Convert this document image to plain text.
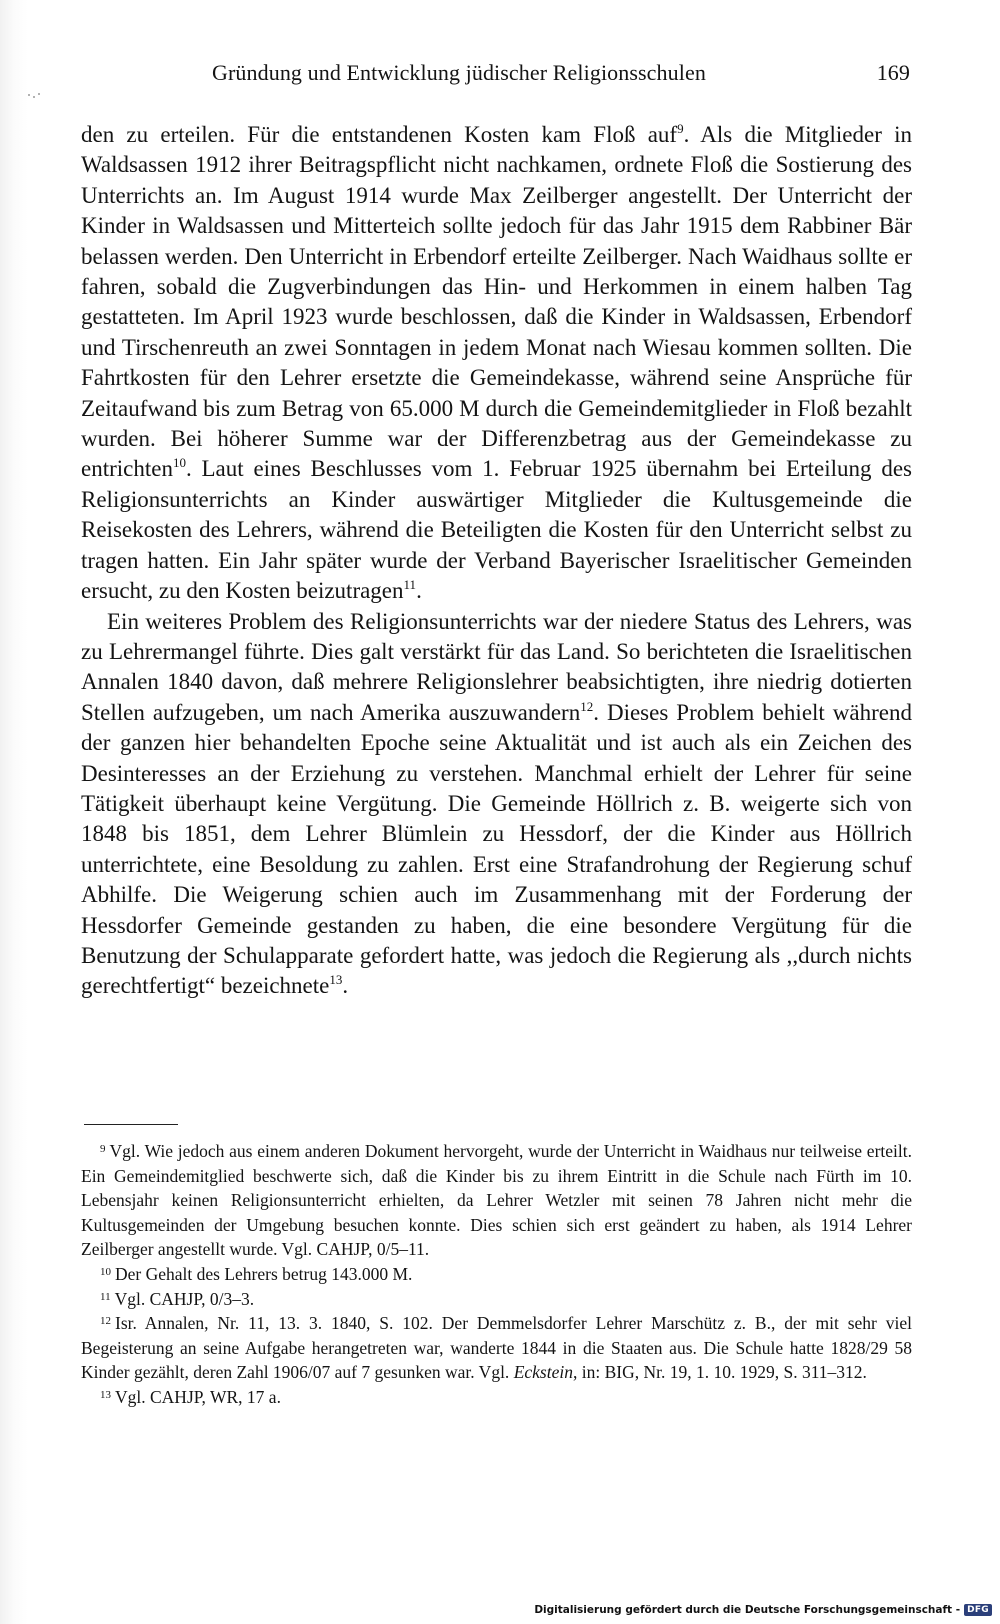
Gründung und Entwicklung jüdischer Religionsschulen	169

den zu erteilen. Für die entstandenen Kosten kam Floß auf$^9$. Als die Mitglieder in Waldsassen 1912 ihrer Beitragspflicht nicht nachkamen, ordnete Floß die Sostierung des Unterrichts an. Im August 1914 wurde Max Zeilberger angestellt. Der Unterricht der Kinder in Waldsassen und Mitterteich sollte jedoch für das Jahr 1915 dem Rabbiner Bär belassen werden. Den Unterricht in Erbendorf erteilte Zeilberger. Nach Waidhaus sollte er fahren, sobald die Zugverbindungen das Hin- und Herkommen in einem halben Tag gestatteten. Im April 1923 wurde beschlossen, daß die Kinder in Waldsassen, Erbendorf und Tirschenreuth an zwei Sonntagen in jedem Monat nach Wiesau kommen sollten. Die Fahrtkosten für den Lehrer ersetzte die Gemeindekasse, während seine Ansprüche für Zeitaufwand bis zum Betrag von 65.000 M durch die Gemeindemitglieder in Floß bezahlt wurden. Bei höherer Summe war der Differenzbetrag aus der Gemeindekasse zu entrichten$^{10}$. Laut eines Beschlusses vom 1. Februar 1925 übernahm bei Erteilung des Religionsunterrichts an Kinder auswärtiger Mitglieder die Kultusgemeinde die Reisekosten des Lehrers, während die Beteiligten die Kosten für den Unterricht selbst zu tragen hatten. Ein Jahr später wurde der Verband Bayerischer Israelitischer Gemeinden ersucht, zu den Kosten beizutragen$^{11}$.

Ein weiteres Problem des Religionsunterrichts war der niedere Status des Lehrers, was zu Lehrermangel führte. Dies galt verstärkt für das Land. So berichteten die Israelitischen Annalen 1840 davon, daß mehrere Religionslehrer beabsichtigten, ihre niedrig dotierten Stellen aufzugeben, um nach Amerika auszuwandern$^{12}$. Dieses Problem behielt während der ganzen hier behandelten Epoche seine Aktualität und ist auch als ein Zeichen des Desinteresses an der Erziehung zu verstehen. Manchmal erhielt der Lehrer für seine Tätigkeit überhaupt keine Vergütung. Die Gemeinde Höllrich z. B. weigerte sich von 1848 bis 1851, dem Lehrer Blümlein zu Hessdorf, der die Kinder aus Höllrich unterrichtete, eine Besoldung zu zahlen. Erst eine Strafandrohung der Regierung schuf Abhilfe. Die Weigerung schien auch im Zusammenhang mit der Forderung der Hessdorfer Gemeinde gestanden zu haben, die eine besondere Vergütung für die Benutzung der Schulapparate gefordert hatte, was jedoch die Regierung als ,,durch nichts gerechtfertigt“ bezeichnete$^{13}$.

$^9$ Vgl. Wie jedoch aus einem anderen Dokument hervorgeht, wurde der Unterricht in Waidhaus nur teilweise erteilt. Ein Gemeindemitglied beschwerte sich, daß die Kinder bis zu ihrem Eintritt in die Schule nach Fürth im 10. Lebensjahr keinen Religionsunterricht erhielten, da Lehrer Wetzler mit seinen 78 Jahren nicht mehr die Kultusgemeinden der Umgebung besuchen konnte. Dies schien sich erst geändert zu haben, als 1914 Lehrer Zeilberger angestellt wurde. Vgl. CAHJP, 0/5–11.

$^{10}$ Der Gehalt des Lehrers betrug 143.000 M.

$^{11}$ Vgl. CAHJP, 0/3–3.

$^{12}$ Isr. Annalen, Nr. 11, 13. 3. 1840, S. 102. Der Demmelsdorfer Lehrer Marschütz z. B., der mit sehr viel Begeisterung an seine Aufgabe herangetreten war, wanderte 1844 in die Staaten aus. Die Schule hatte 1828/29 58 Kinder gezählt, deren Zahl 1906/07 auf 7 gesunken war. Vgl. Eckstein, in: BIG, Nr. 19, 1. 10. 1929, S. 311–312.

$^{13}$ Vgl. CAHJP, WR, 17 a.

Digitalisierung gefördert durch die Deutsche Forschungsgemeinschaft - DFG
